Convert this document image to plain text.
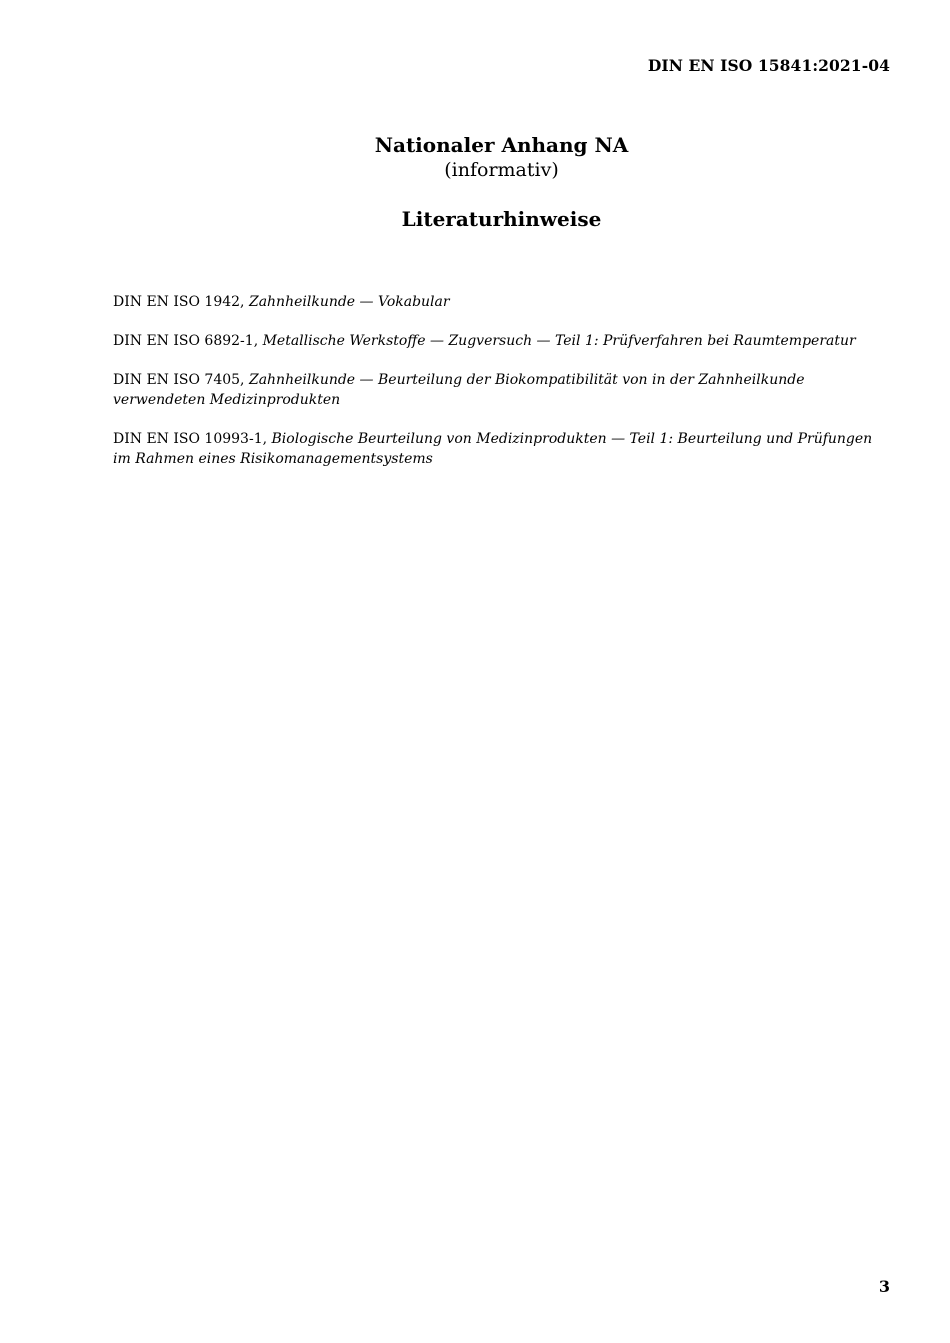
DIN EN ISO 15841:2021-04
Nationaler Anhang NA
(informativ)
Literaturhinweise

DIN EN ISO 1942, Zahnheilkunde — Vokabular

DIN EN ISO 6892-1, Metallische Werkstoffe — Zugversuch — Teil 1: Prüfverfahren bei Raumtemperatur

DIN EN ISO 7405, Zahnheilkunde — Beurteilung der Biokompatibilität von in der Zahnheilkunde verwendeten Medizinprodukten

DIN EN ISO 10993-1, Biologische Beurteilung von Medizinprodukten — Teil 1: Beurteilung und Prüfungen im Rahmen eines Risikomanagementsystems

3
